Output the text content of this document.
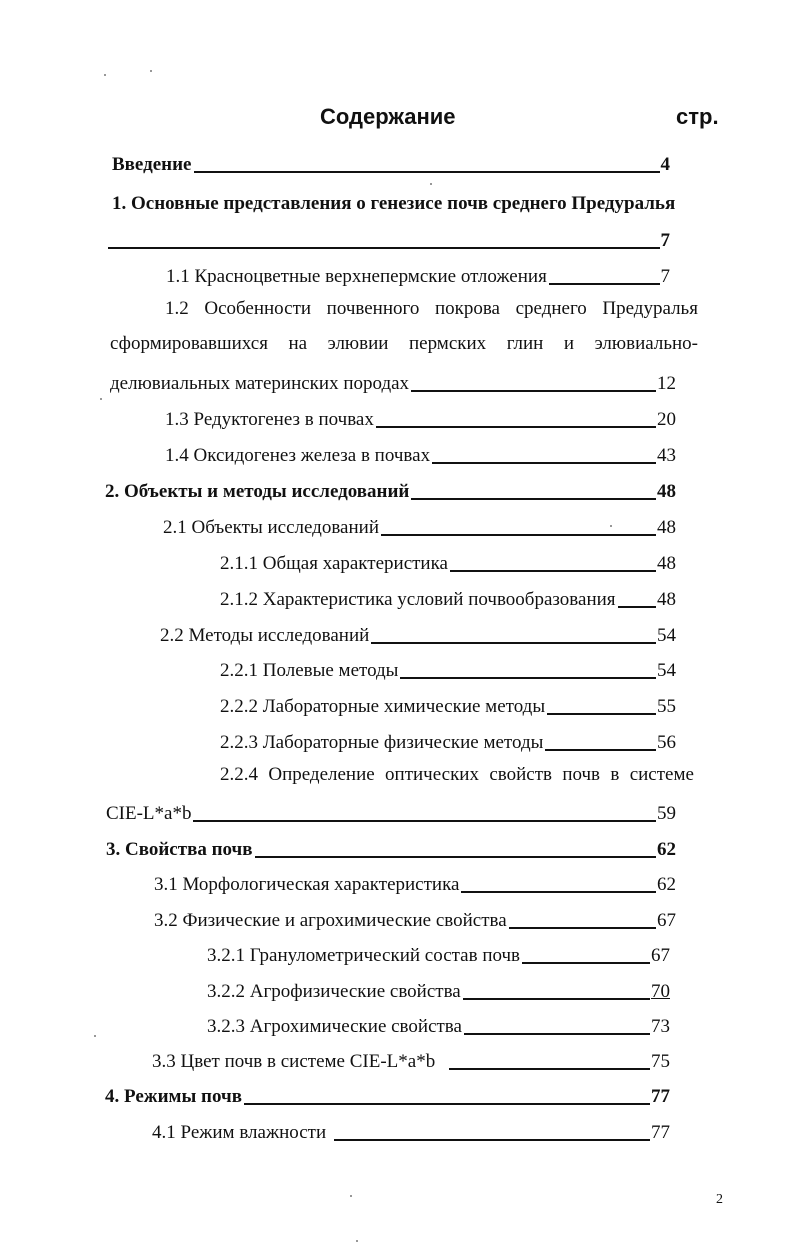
Содержание	стр.
Введение	4
1. Основные представления о генезисе почв среднего Предуралья
7
1.1 Красноцветные верхнепермские отложения	7
1.2 Особенности почвенного покрова среднего Предуралья
сформировавшихся на элювии пермских глин и элювиально-
делювиальных материнских породах	12
1.3 Редуктогенез в почвах	20
1.4 Оксидогенез железа в почвах	43
2. Объекты и методы исследований	48
2.1 Объекты исследований	48
2.1.1 Общая характеристика	48
2.1.2 Характеристика условий почвообразования 48
2.2 Методы исследований	54
2.2.1 Полевые методы	54
2.2.2 Лабораторные химические методы	55
2.2.3 Лабораторные физические методы	56
2.2.4 Определение оптических свойств почв в системе
CIE-L*a*b	59
3. Свойства почв	62
3.1 Морфологическая характеристика	62
3.2 Физические и агрохимические свойства	67
3.2.1 Гранулометрический состав почв	67
3.2.2 Агрофизические свойства	70
3.2.3 Агрохимические свойства	73
3.3 Цвет почв в системе CIE-L*a*b	75
4. Режимы почв	77
4.1 Режим влажности	77
2
